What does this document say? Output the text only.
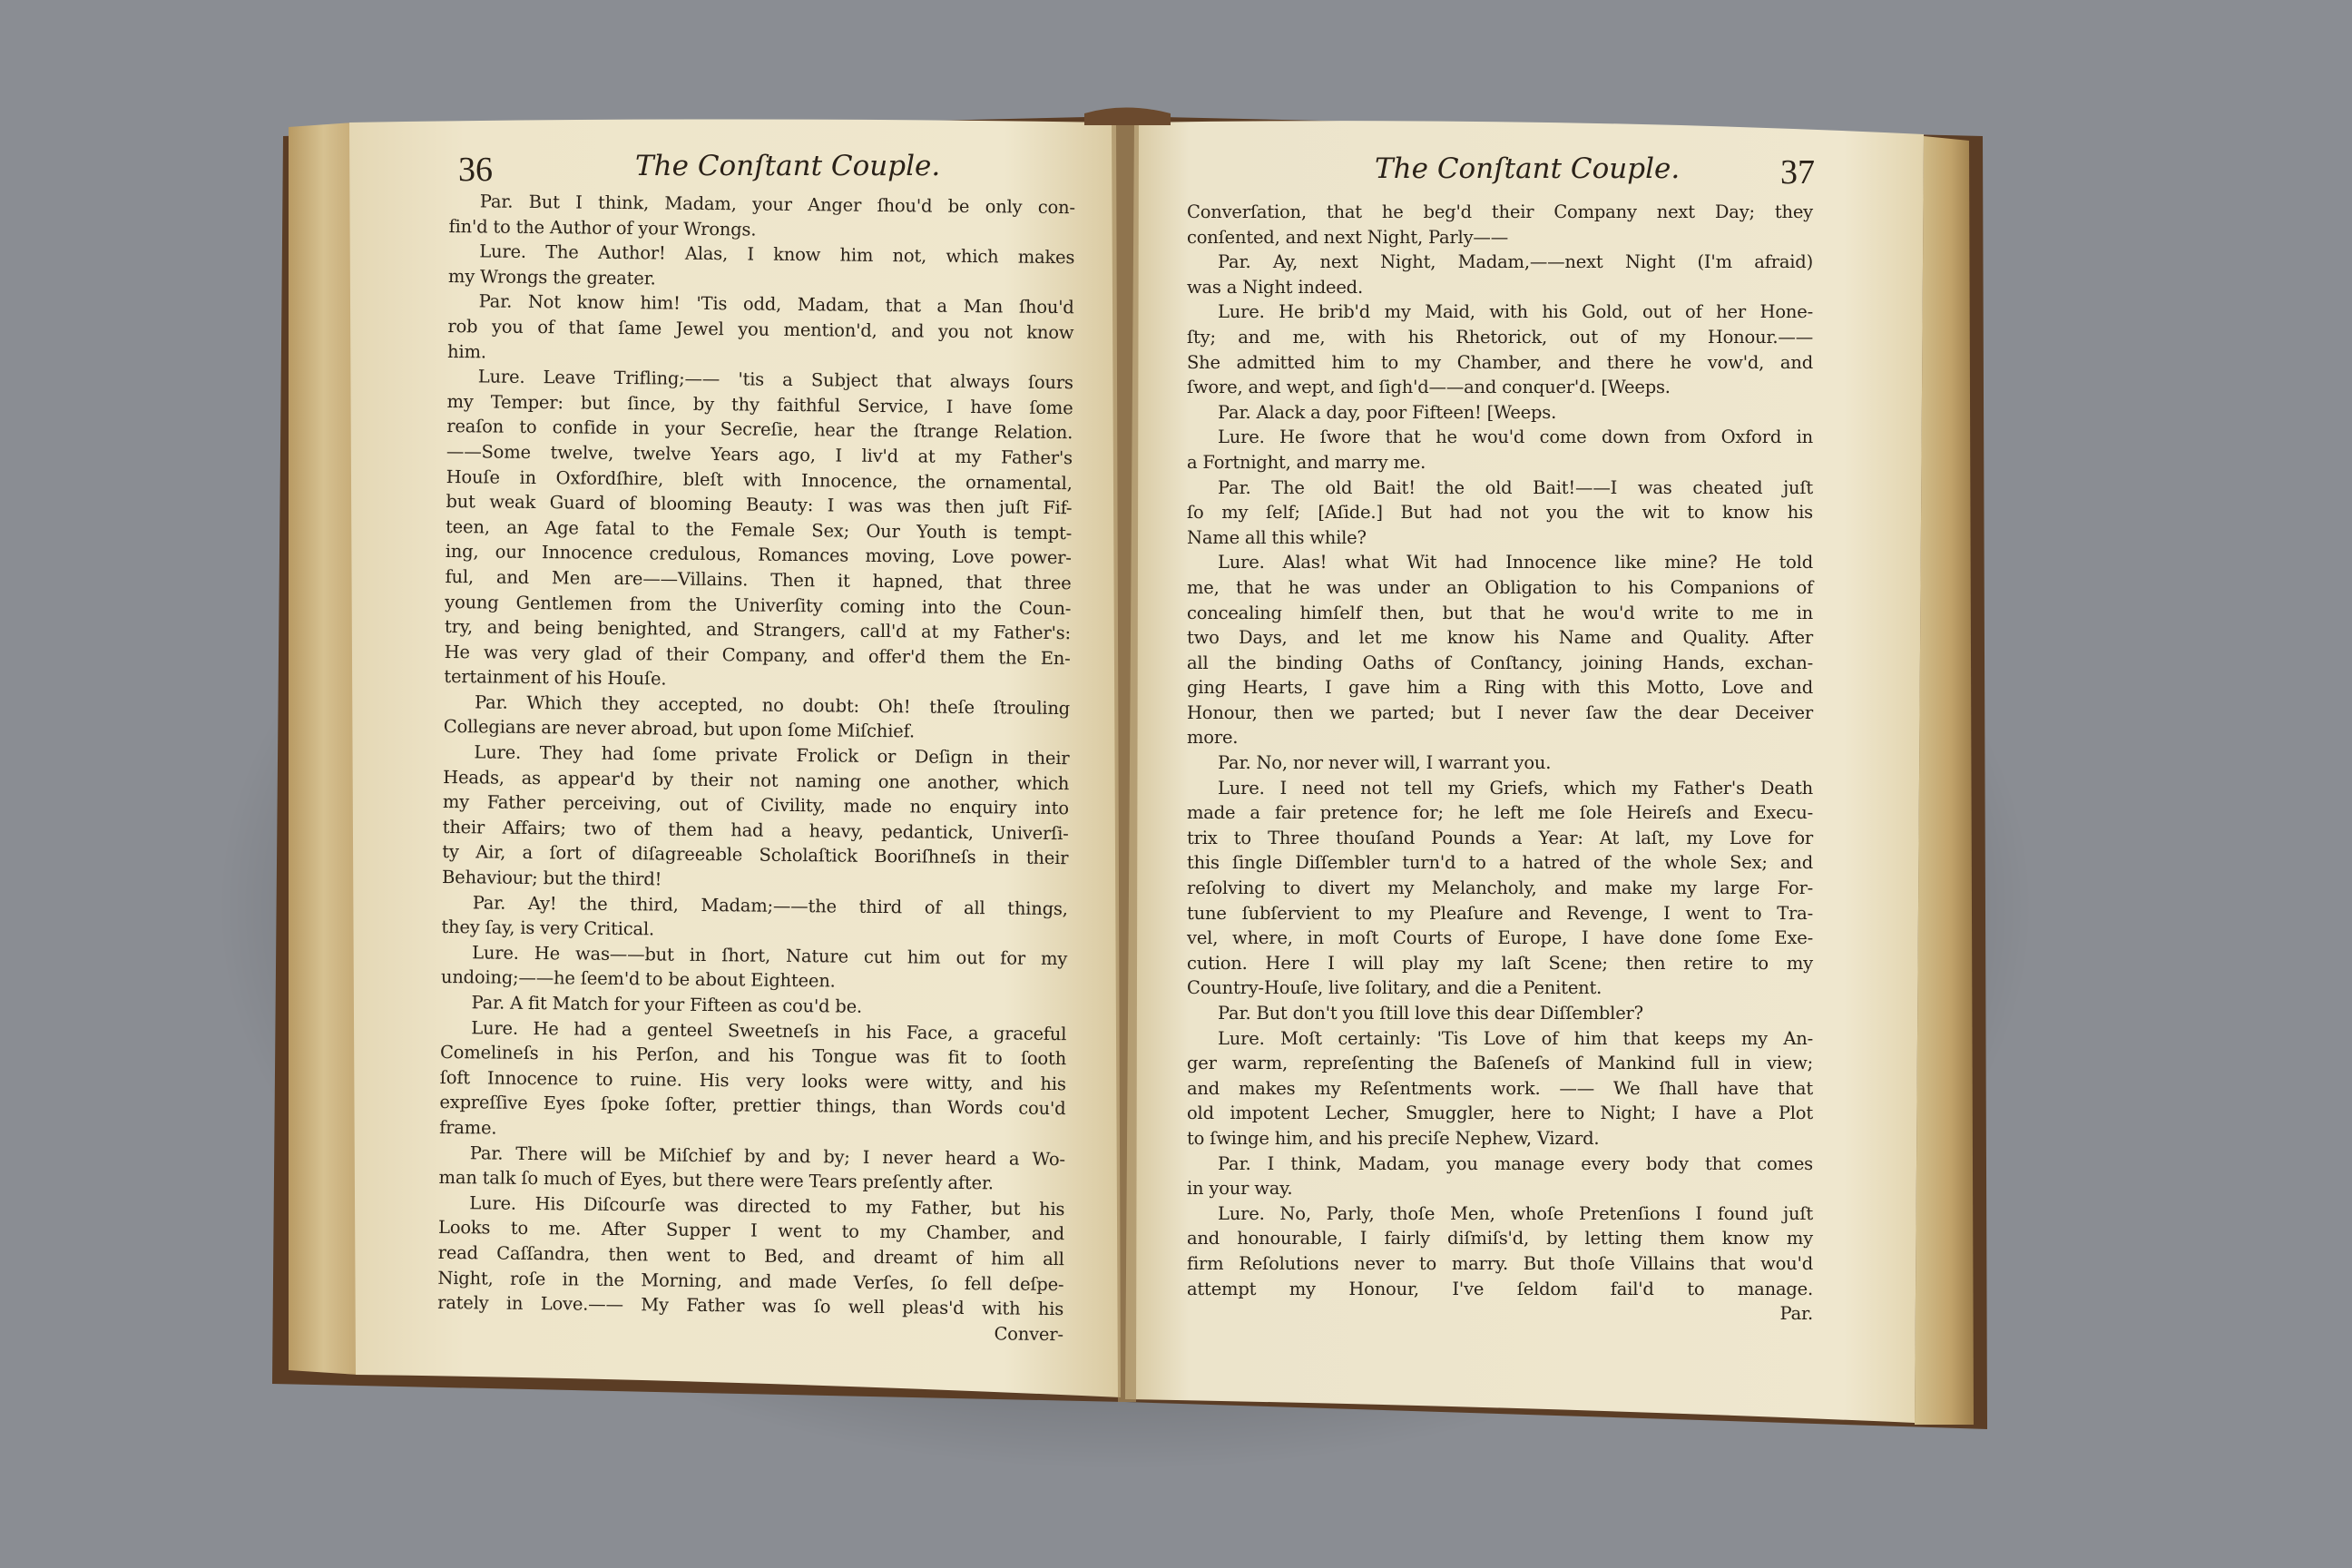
36	The Conſtant Couple.	The Conſtant Couple.	37
Par. But I think, Madam, your Anger ſhou'd be only con-
fin'd to the Author of your Wrongs.
Lure. The Author! Alas, I know him not, which makes
my Wrongs the greater.
Par. Not know him! 'Tis odd, Madam, that a Man ſhou'd
rob you of that ſame Jewel you mention'd, and you not know
him.
Lure. Leave Trifling;—— 'tis a Subject that always ſours
my Temper: but ſince, by thy faithful Service, I have ſome
reaſon to confide in your Secreſie, hear the ſtrange Relation.
——Some twelve, twelve Years ago, I liv'd at my Father's
Houſe in Oxfordſhire, bleſt with Innocence, the ornamental,
but weak Guard of blooming Beauty: I was was then juſt Fif-
teen, an Age fatal to the Female Sex; Our Youth is tempt-
ing, our Innocence credulous, Romances moving, Love power-
ful, and Men are——Villains. Then it hapned, that three
young Gentlemen from the Univerſity coming into the Coun-
try, and being benighted, and Strangers, call'd at my Father's:
He was very glad of their Company, and offer'd them the En-
tertainment of his Houſe.
Par. Which they accepted, no doubt: Oh! theſe ſtrouling
Collegians are never abroad, but upon ſome Miſchief.
Lure. They had ſome private Frolick or Deſign in their
Heads, as appear'd by their not naming one another, which
my Father perceiving, out of Civility, made no enquiry into
their Affairs; two of them had a heavy, pedantick, Univerſi-
ty Air, a ſort of diſagreeable Scholaſtick Booriſhneſs in their
Behaviour; but the third!
Par. Ay! the third, Madam;——the third of all things,
they ſay, is very Critical.
Lure. He was——but in ſhort, Nature cut him out for my
undoing;——he ſeem'd to be about Eighteen.
Par. A fit Match for your Fifteen as cou'd be.
Lure. He had a genteel Sweetneſs in his Face, a graceful
Comelineſs in his Perſon, and his Tongue was fit to ſooth
ſoft Innocence to ruine. His very looks were witty, and his
expreſſive Eyes ſpoke ſofter, prettier things, than Words cou'd
frame.
Par. There will be Miſchief by and by; I never heard a Wo-
man talk ſo much of Eyes, but there were Tears preſently after.
Lure. His Diſcourſe was directed to my Father, but his
Looks to me. After Supper I went to my Chamber, and
read Caſſandra, then went to Bed, and dreamt of him all
Night, roſe in the Morning, and made Verſes, ſo fell deſpe-
rately in Love.—— My Father was ſo well pleas'd with his
Conver-
Converſation, that he beg'd their Company next Day; they
conſented, and next Night, Parly——
Par. Ay, next Night, Madam,——next Night (I'm afraid)
was a Night indeed.
Lure. He brib'd my Maid, with his Gold, out of her Hone-
ſty; and me, with his Rhetorick, out of my Honour.——
She admitted him to my Chamber, and there he vow'd, and
ſwore, and wept, and ſigh'd——and conquer'd. [Weeps.
Par. Alack a day, poor Fifteen! [Weeps.
Lure. He ſwore that he wou'd come down from Oxford in
a Fortnight, and marry me.
Par. The old Bait! the old Bait!——I was cheated juſt
ſo my ſelf; [Aſide.] But had not you the wit to know his
Name all this while?
Lure. Alas! what Wit had Innocence like mine? He told
me, that he was under an Obligation to his Companions of
concealing himſelf then, but that he wou'd write to me in
two Days, and let me know his Name and Quality. After
all the binding Oaths of Conſtancy, joining Hands, exchan-
ging Hearts, I gave him a Ring with this Motto, Love and
Honour, then we parted; but I never ſaw the dear Deceiver
more.
Par. No, nor never will, I warrant you.
Lure. I need not tell my Griefs, which my Father's Death
made a fair pretence for; he left me ſole Heireſs and Execu-
trix to Three thouſand Pounds a Year: At laſt, my Love for
this ſingle Diſſembler turn'd to a hatred of the whole Sex; and
reſolving to divert my Melancholy, and make my large For-
tune ſubſervient to my Pleaſure and Revenge, I went to Tra-
vel, where, in moſt Courts of Europe, I have done ſome Exe-
cution. Here I will play my laſt Scene; then retire to my
Country-Houſe, live ſolitary, and die a Penitent.
Par. But don't you ſtill love this dear Diſſembler?
Lure. Moſt certainly: 'Tis Love of him that keeps my An-
ger warm, repreſenting the Baſeneſs of Mankind full in view;
and makes my Reſentments work. —— We ſhall have that
old impotent Lecher, Smuggler, here to Night; I have a Plot
to ſwinge him, and his preciſe Nephew, Vizard.
Par. I think, Madam, you manage every body that comes
in your way.
Lure. No, Parly, thoſe Men, whoſe Pretenſions I found juſt
and honourable, I fairly diſmiſs'd, by letting them know my
firm Reſolutions never to marry. But thoſe Villains that wou'd
attempt my Honour, I've ſeldom fail'd to manage.
Par.
